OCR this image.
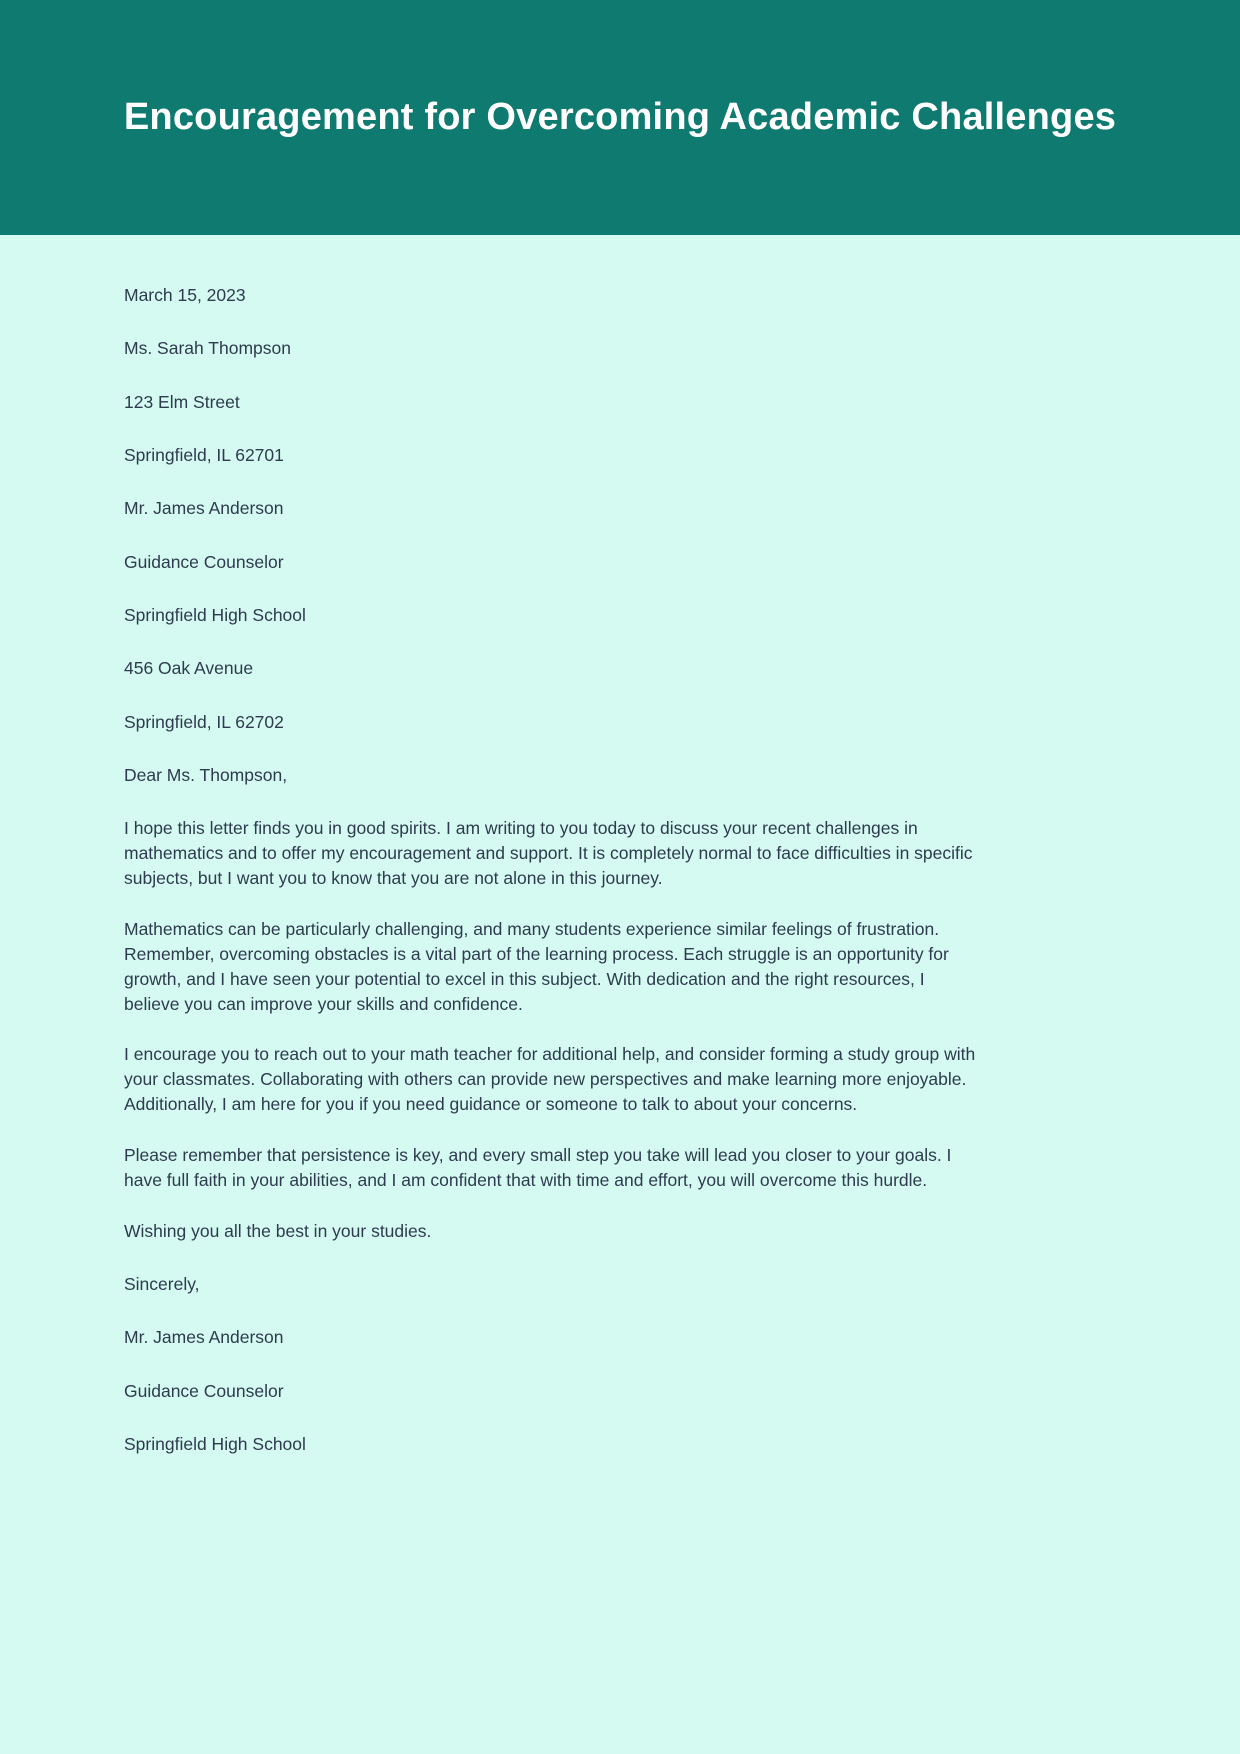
Encouragement for Overcoming Academic Challenges

March 15, 2023

Ms. Sarah Thompson

123 Elm Street

Springfield, IL 62701

Mr. James Anderson

Guidance Counselor

Springfield High School

456 Oak Avenue

Springfield, IL 62702

Dear Ms. Thompson,

I hope this letter finds you in good spirits. I am writing to you today to discuss your recent challenges in mathematics and to offer my encouragement and support. It is completely normal to face difficulties in specific subjects, but I want you to know that you are not alone in this journey.

Mathematics can be particularly challenging, and many students experience similar feelings of frustration. Remember, overcoming obstacles is a vital part of the learning process. Each struggle is an opportunity for growth, and I have seen your potential to excel in this subject. With dedication and the right resources, I believe you can improve your skills and confidence.

I encourage you to reach out to your math teacher for additional help, and consider forming a study group with your classmates. Collaborating with others can provide new perspectives and make learning more enjoyable. Additionally, I am here for you if you need guidance or someone to talk to about your concerns.

Please remember that persistence is key, and every small step you take will lead you closer to your goals. I have full faith in your abilities, and I am confident that with time and effort, you will overcome this hurdle.

Wishing you all the best in your studies.

Sincerely,

Mr. James Anderson

Guidance Counselor

Springfield High School
